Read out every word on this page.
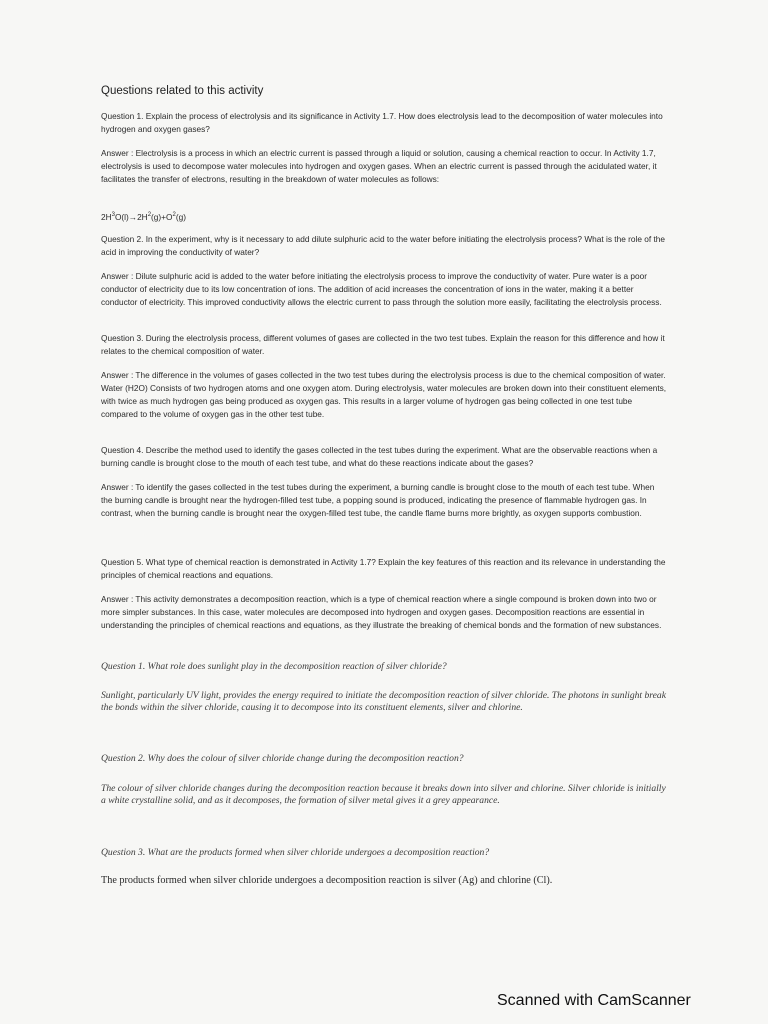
Questions related to this activity

Question 1. Explain the process of electrolysis and its significance in Activity 1.7. How does electrolysis lead to the decomposition of water molecules into hydrogen and oxygen gases?

Answer : Electrolysis is a process in which an electric current is passed through a liquid or solution, causing a chemical reaction to occur. In Activity 1.7, electrolysis is used to decompose water molecules into hydrogen and oxygen gases. When an electric current is passed through the acidulated water, it facilitates the transfer of electrons, resulting in the breakdown of water molecules as follows:

$2H^3O(l)\to 2H^2(g)+O^2(g)$

Question 2. In the experiment, why is it necessary to add dilute sulphuric acid to the water before initiating the electrolysis process? What is the role of the acid in improving the conductivity of water?

Answer : Dilute sulphuric acid is added to the water before initiating the electrolysis process to improve the conductivity of water. Pure water is a poor conductor of electricity due to its low concentration of ions. The addition of acid increases the concentration of ions in the water, making it a better conductor of electricity. This improved conductivity allows the electric current to pass through the solution more easily, facilitating the electrolysis process.

Question 3. During the electrolysis process, different volumes of gases are collected in the two test tubes. Explain the reason for this difference and how it relates to the chemical composition of water.

Answer : The difference in the volumes of gases collected in the two test tubes during the electrolysis process is due to the chemical composition of water. Water (H2O) Consists of two hydrogen atoms and one oxygen atom. During electrolysis, water molecules are broken down into their constituent elements, with twice as much hydrogen gas being produced as oxygen gas. This results in a larger volume of hydrogen gas being collected in one test tube compared to the volume of oxygen gas in the other test tube.

Question 4. Describe the method used to identify the gases collected in the test tubes during the experiment. What are the observable reactions when a burning candle is brought close to the mouth of each test tube, and what do these reactions indicate about the gases?

Answer : To identify the gases collected in the test tubes during the experiment, a burning candle is brought close to the mouth of each test tube. When the burning candle is brought near the hydrogen-filled test tube, a popping sound is produced, indicating the presence of flammable hydrogen gas. In contrast, when the burning candle is brought near the oxygen-filled test tube, the candle flame burns more brightly, as oxygen supports combustion.

Question 5. What type of chemical reaction is demonstrated in Activity 1.7? Explain the key features of this reaction and its relevance in understanding the principles of chemical reactions and equations.

Answer : This activity demonstrates a decomposition reaction, which is a type of chemical reaction where a single compound is broken down into two or more simpler substances. In this case, water molecules are decomposed into hydrogen and oxygen gases. Decomposition reactions are essential in understanding the principles of chemical reactions and equations, as they illustrate the breaking of chemical bonds and the formation of new substances.

Question 1. What role does sunlight play in the decomposition reaction of silver chloride?
Sunlight, particularly UV light, provides the energy required to initiate the decomposition reaction of silver chloride. The photons in sunlight break the bonds within the silver chloride, causing it to decompose into its constituent elements, silver and chlorine.
Question 2. Why does the colour of silver chloride change during the decomposition reaction?
The colour of silver chloride changes during the decomposition reaction because it breaks down into silver and chlorine. Silver chloride is initially a white crystalline solid, and as it decomposes, the formation of silver metal gives it a grey appearance.
Question 3. What are the products formed when silver chloride undergoes a decomposition reaction?
The products formed when silver chloride undergoes a decomposition reaction is silver (Ag) and chlorine (Cl).
Scanned with CamScanner
